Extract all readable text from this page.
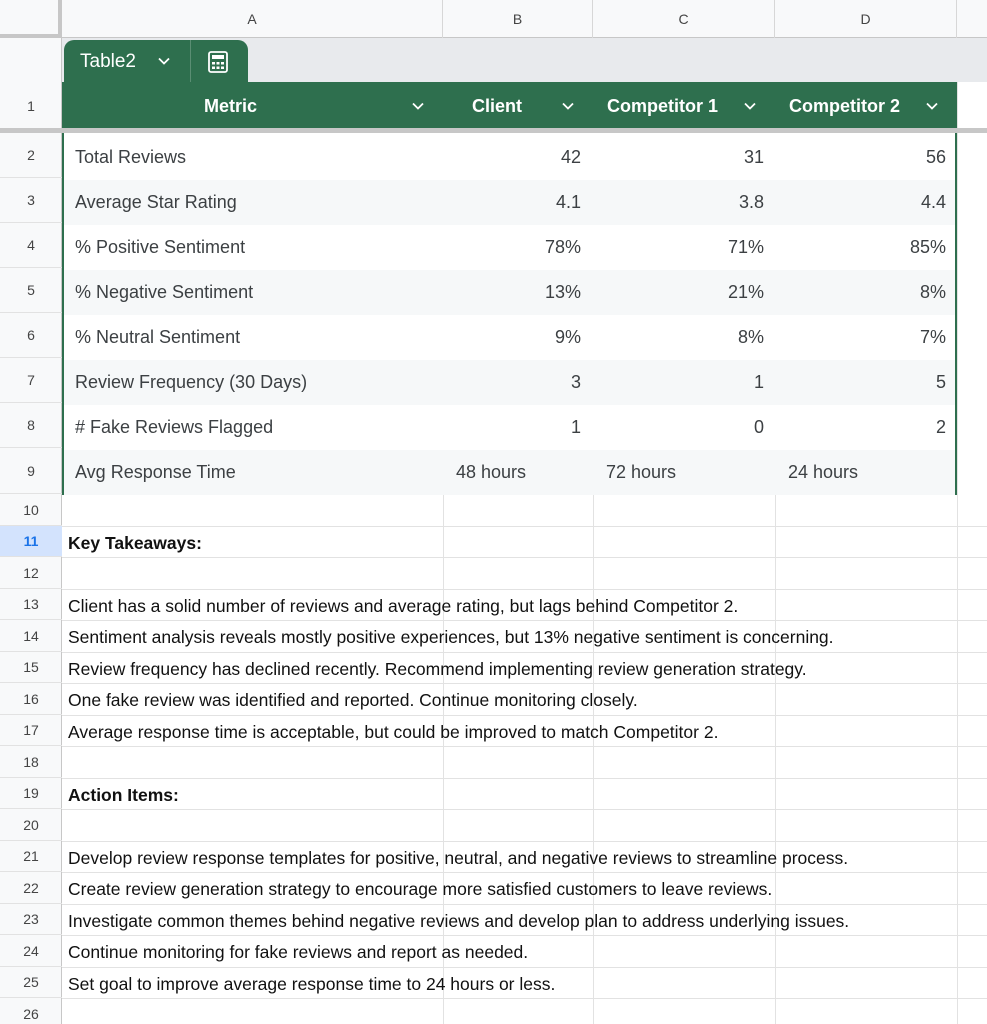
A	B	C	D
1
2
3
4
5
6
7
8
9
10
11
12
13
14
15
16
17
18
19
20
21
22
23
24
25
26
Table2
Metric	Client	Competitor 1	Competitor 2
Total Reviews	42	31	56
Average Star Rating	4.1	3.8	4.4
% Positive Sentiment	78%	71%	85%
% Negative Sentiment	13%	21%	8%
% Neutral Sentiment	9%	8%	7%
Review Frequency (30 Days)	3	1	5
# Fake Reviews Flagged	1	0	2
Avg Response Time	48 hours	72 hours	24 hours
Key Takeaways:
Client has a solid number of reviews and average rating, but lags behind Competitor 2.
Sentiment analysis reveals mostly positive experiences, but 13% negative sentiment is concerning.
Review frequency has declined recently. Recommend implementing review generation strategy.
One fake review was identified and reported. Continue monitoring closely.
Average response time is acceptable, but could be improved to match Competitor 2.
Action Items:
Develop review response templates for positive, neutral, and negative reviews to streamline process.
Create review generation strategy to encourage more satisfied customers to leave reviews.
Investigate common themes behind negative reviews and develop plan to address underlying issues.
Continue monitoring for fake reviews and report as needed.
Set goal to improve average response time to 24 hours or less.
